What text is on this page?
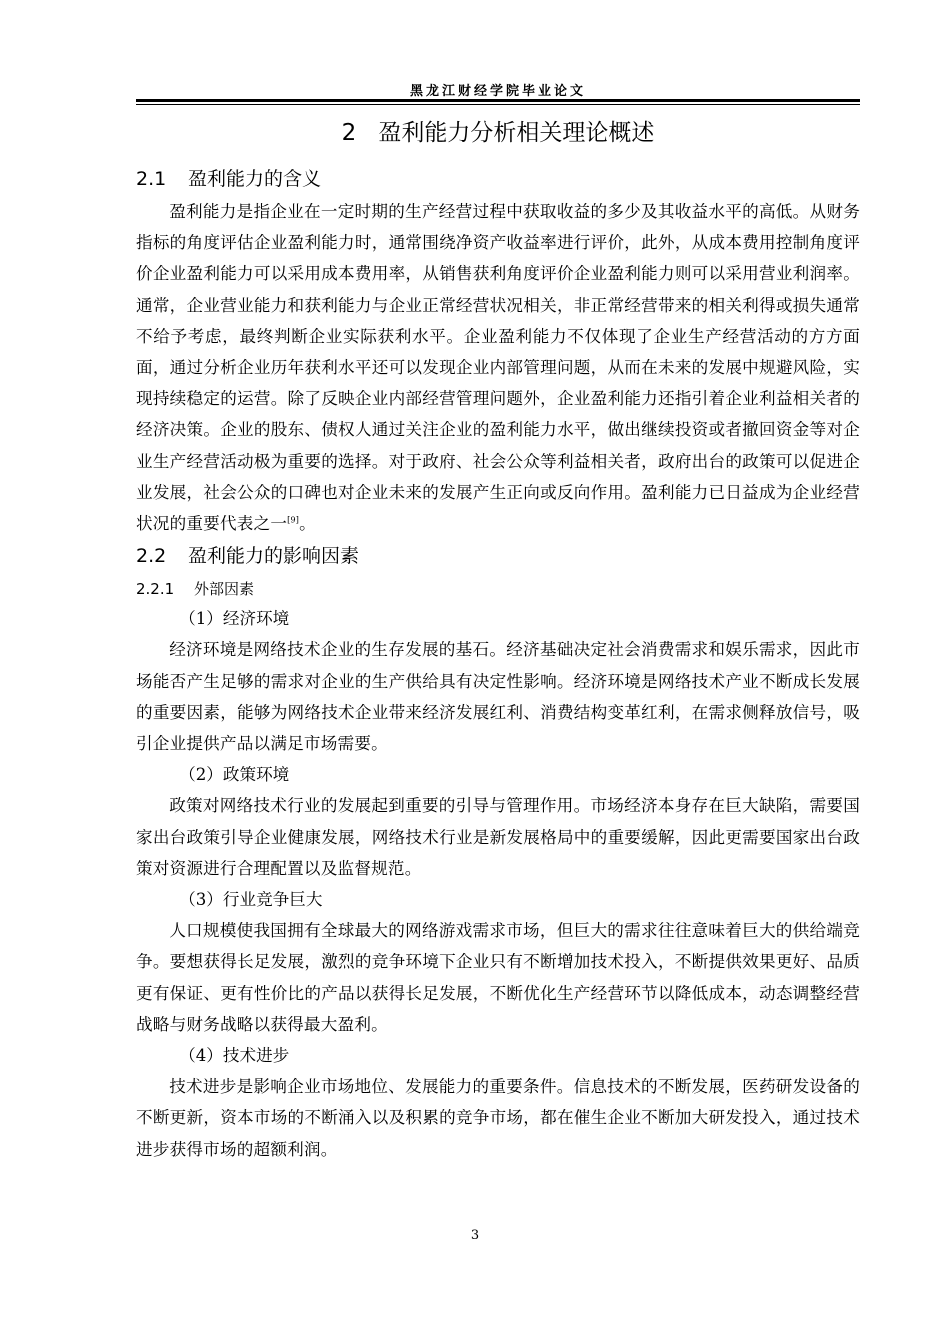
黑龙江财经学院毕业论文
2 盈利能力分析相关理论概述
2.1 盈利能力的含义

盈利能力是指企业在一定时期的生产经营过程中获取收益的多少及其收益水平的高低。从财务指标的角度评估企业盈利能力时，通常围绕净资产收益率进行评价，此外，从成本费用控制角度评价企业盈利能力可以采用成本费用率，从销售获利角度评价企业盈利能力则可以采用营业利润率。通常，企业营业能力和获利能力与企业正常经营状况相关，非正常经营带来的相关利得或损失通常不给予考虑，最终判断企业实际获利水平。企业盈利能力不仅体现了企业生产经营活动的方方面面，通过分析企业历年获利水平还可以发现企业内部管理问题，从而在未来的发展中规避风险，实现持续稳定的运营。除了反映企业内部经营管理问题外，企业盈利能力还指引着企业利益相关者的经济决策。企业的股东、债权人通过关注企业的盈利能力水平，做出继续投资或者撤回资金等对企业生产经营活动极为重要的选择。对于政府、社会公众等利益相关者，政府出台的政策可以促进企业发展，社会公众的口碑也对企业未来的发展产生正向或反向作用。盈利能力已日益成为企业经营状况的重要代表之一[9]。

2.2 盈利能力的影响因素
2.2.1 外部因素

（1）经济环境

经济环境是网络技术企业的生存发展的基石。经济基础决定社会消费需求和娱乐需求，因此市场能否产生足够的需求对企业的生产供给具有决定性影响。经济环境是网络技术产业不断成长发展的重要因素，能够为网络技术企业带来经济发展红利、消费结构变革红利，在需求侧释放信号，吸引企业提供产品以满足市场需要。

（2）政策环境

政策对网络技术行业的发展起到重要的引导与管理作用。市场经济本身存在巨大缺陷，需要国家出台政策引导企业健康发展，网络技术行业是新发展格局中的重要缓解，因此更需要国家出台政策对资源进行合理配置以及监督规范。

（3）行业竞争巨大

人口规模使我国拥有全球最大的网络游戏需求市场，但巨大的需求往往意味着巨大的供给端竞争。要想获得长足发展，激烈的竞争环境下企业只有不断增加技术投入，不断提供效果更好、品质更有保证、更有性价比的产品以获得长足发展，不断优化生产经营环节以降低成本，动态调整经营战略与财务战略以获得最大盈利。

（4）技术进步

技术进步是影响企业市场地位、发展能力的重要条件。信息技术的不断发展，医药研发设备的不断更新，资本市场的不断涌入以及积累的竞争市场，都在催生企业不断加大研发投入，通过技术进步获得市场的超额利润。

3
